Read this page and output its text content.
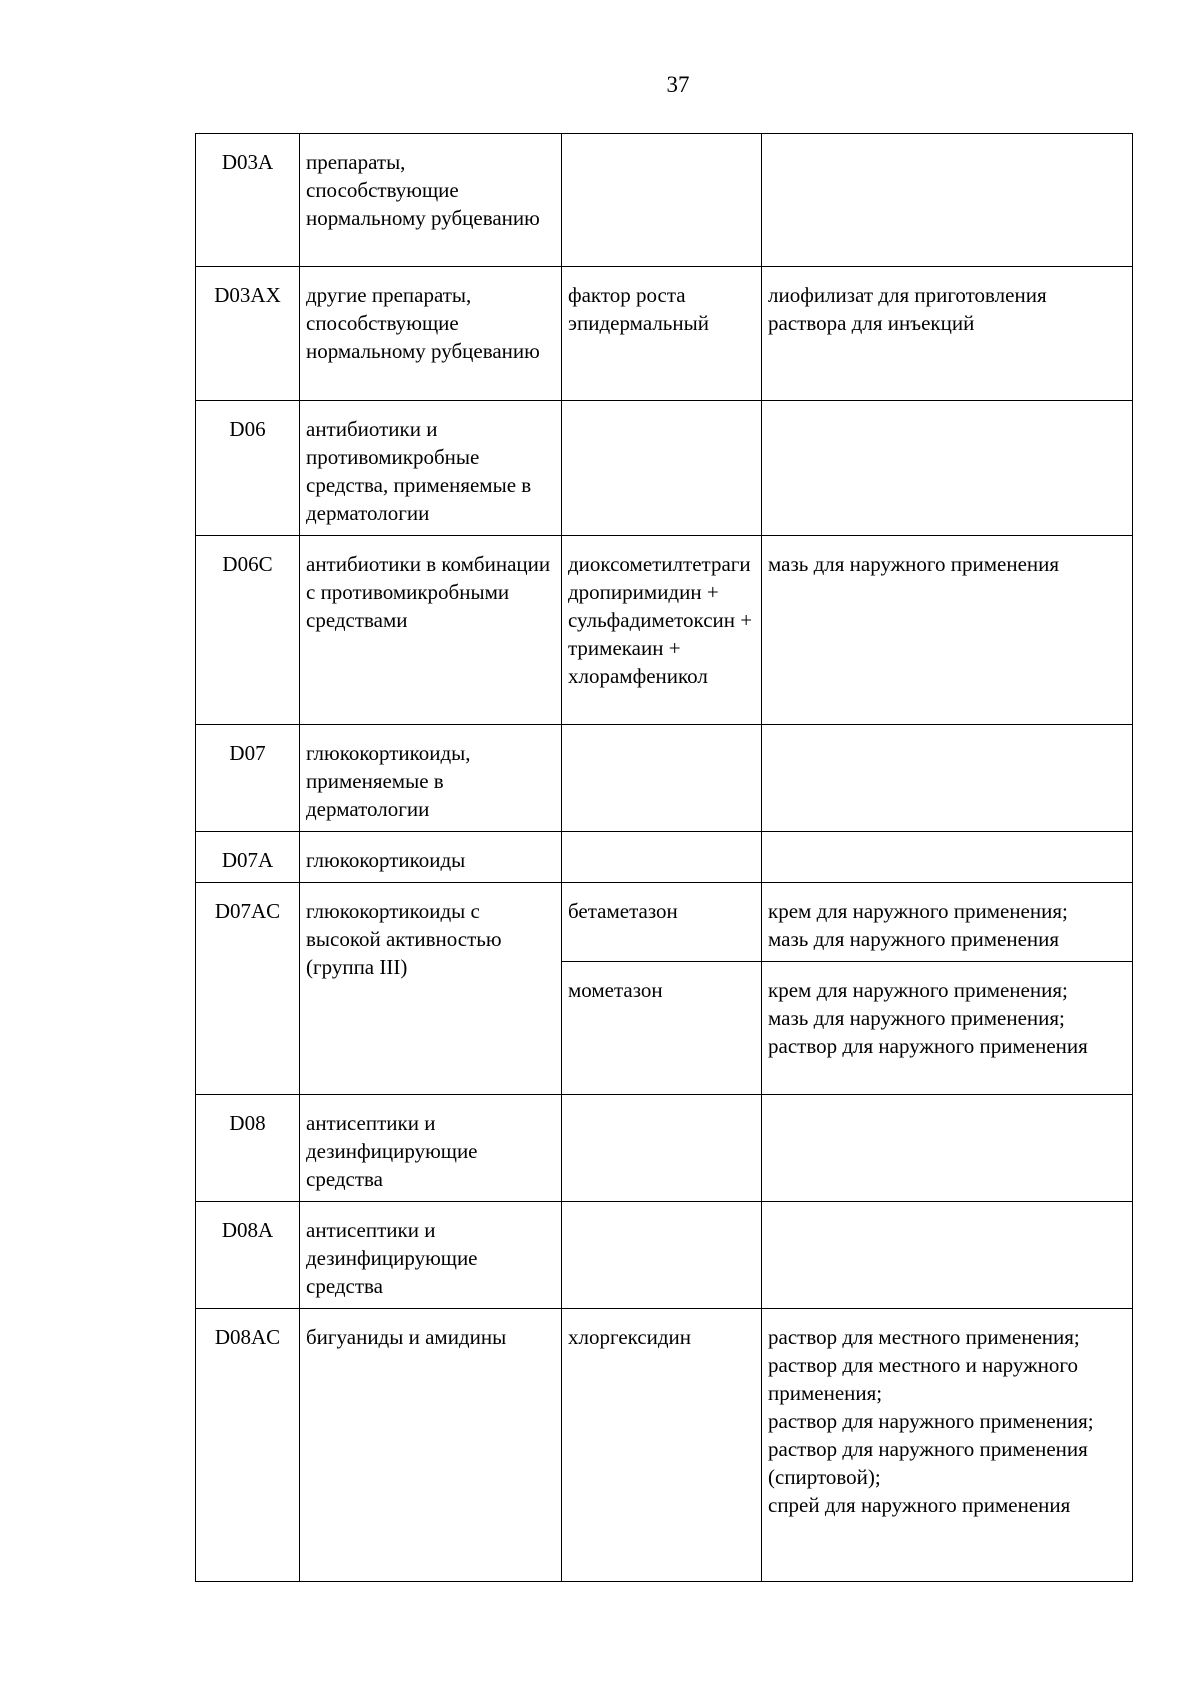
37
D03A	препараты, способствующие нормальному рубцеванию		
D03AX	другие препараты, способствующие нормальному рубцеванию	фактор роста эпидермальный	лиофилизат для приготовления раствора для инъекций

D06	антибиотики и противомикробные средства, применяемые в дерматологии		
D06C	антибиотики в комбинации с противомикробными средствами	диоксометилтетрагидропиримидин + сульфадиметоксин + тримекаин + хлорамфеникол	мазь для наружного применения

D07	глюкокортикоиды, применяемые в дерматологии		
D07A	глюкокортикоиды		
D07AC	глюкокортикоиды с высокой активностью (группа III)	бетаметазон	крем для наружного применения;
мазь для наружного применения

		мометазон	крем для наружного применения;
мазь для наружного применения;
раствор для наружного применения

D08	антисептики и дезинфицирующие средства		
D08A	антисептики и дезинфицирующие средства		
D08AC	бигуаниды и амидины	хлоргексидин	раствор для местного применения;
раствор для местного и наружного применения;
раствор для наружного применения;
раствор для наружного применения (спиртовой);
спрей для наружного применения
